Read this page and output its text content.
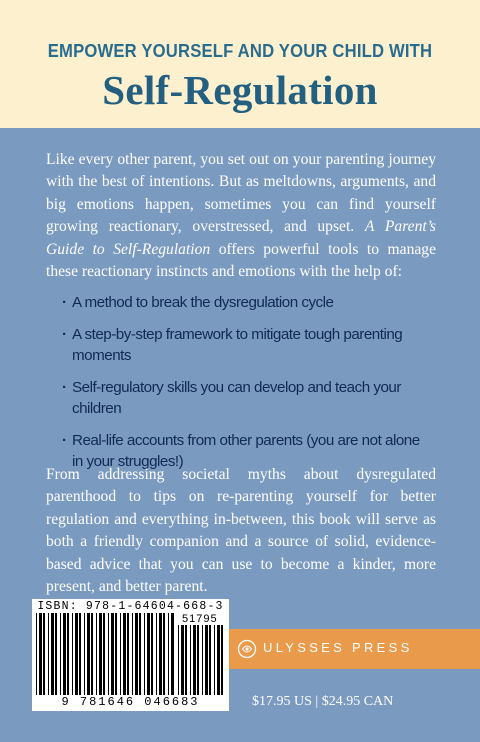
EMPOWER YOURSELF AND YOUR CHILD WITH
Self-Regulation

Like every other parent, you set out on your parenting journey with the best of intentions. But as meltdowns, arguments, and big emotions happen, sometimes you can find yourself growing reactionary, overstressed, and upset. A Parent’s Guide to Self-Regulation offers powerful tools to manage these reactionary instincts and emotions with the help of:

· A method to break the dysregulation cycle
· A step-by-step framework to mitigate tough parenting moments
· Self-regulatory skills you can develop and teach your children
· Real-life accounts from other parents (you are not alone in your struggles!)

From addressing societal myths about dysregulated parenthood to tips on re-parenting yourself for better regulation and everything in-between, this book will serve as both a friendly companion and a source of solid, evidence-based advice that you can use to become a kinder, more present, and better parent.

ISBN: 978-1-64604-668-3
51795
9 781646 046683
ULYSSES PRESS
$17.95 US | $24.95 CAN
